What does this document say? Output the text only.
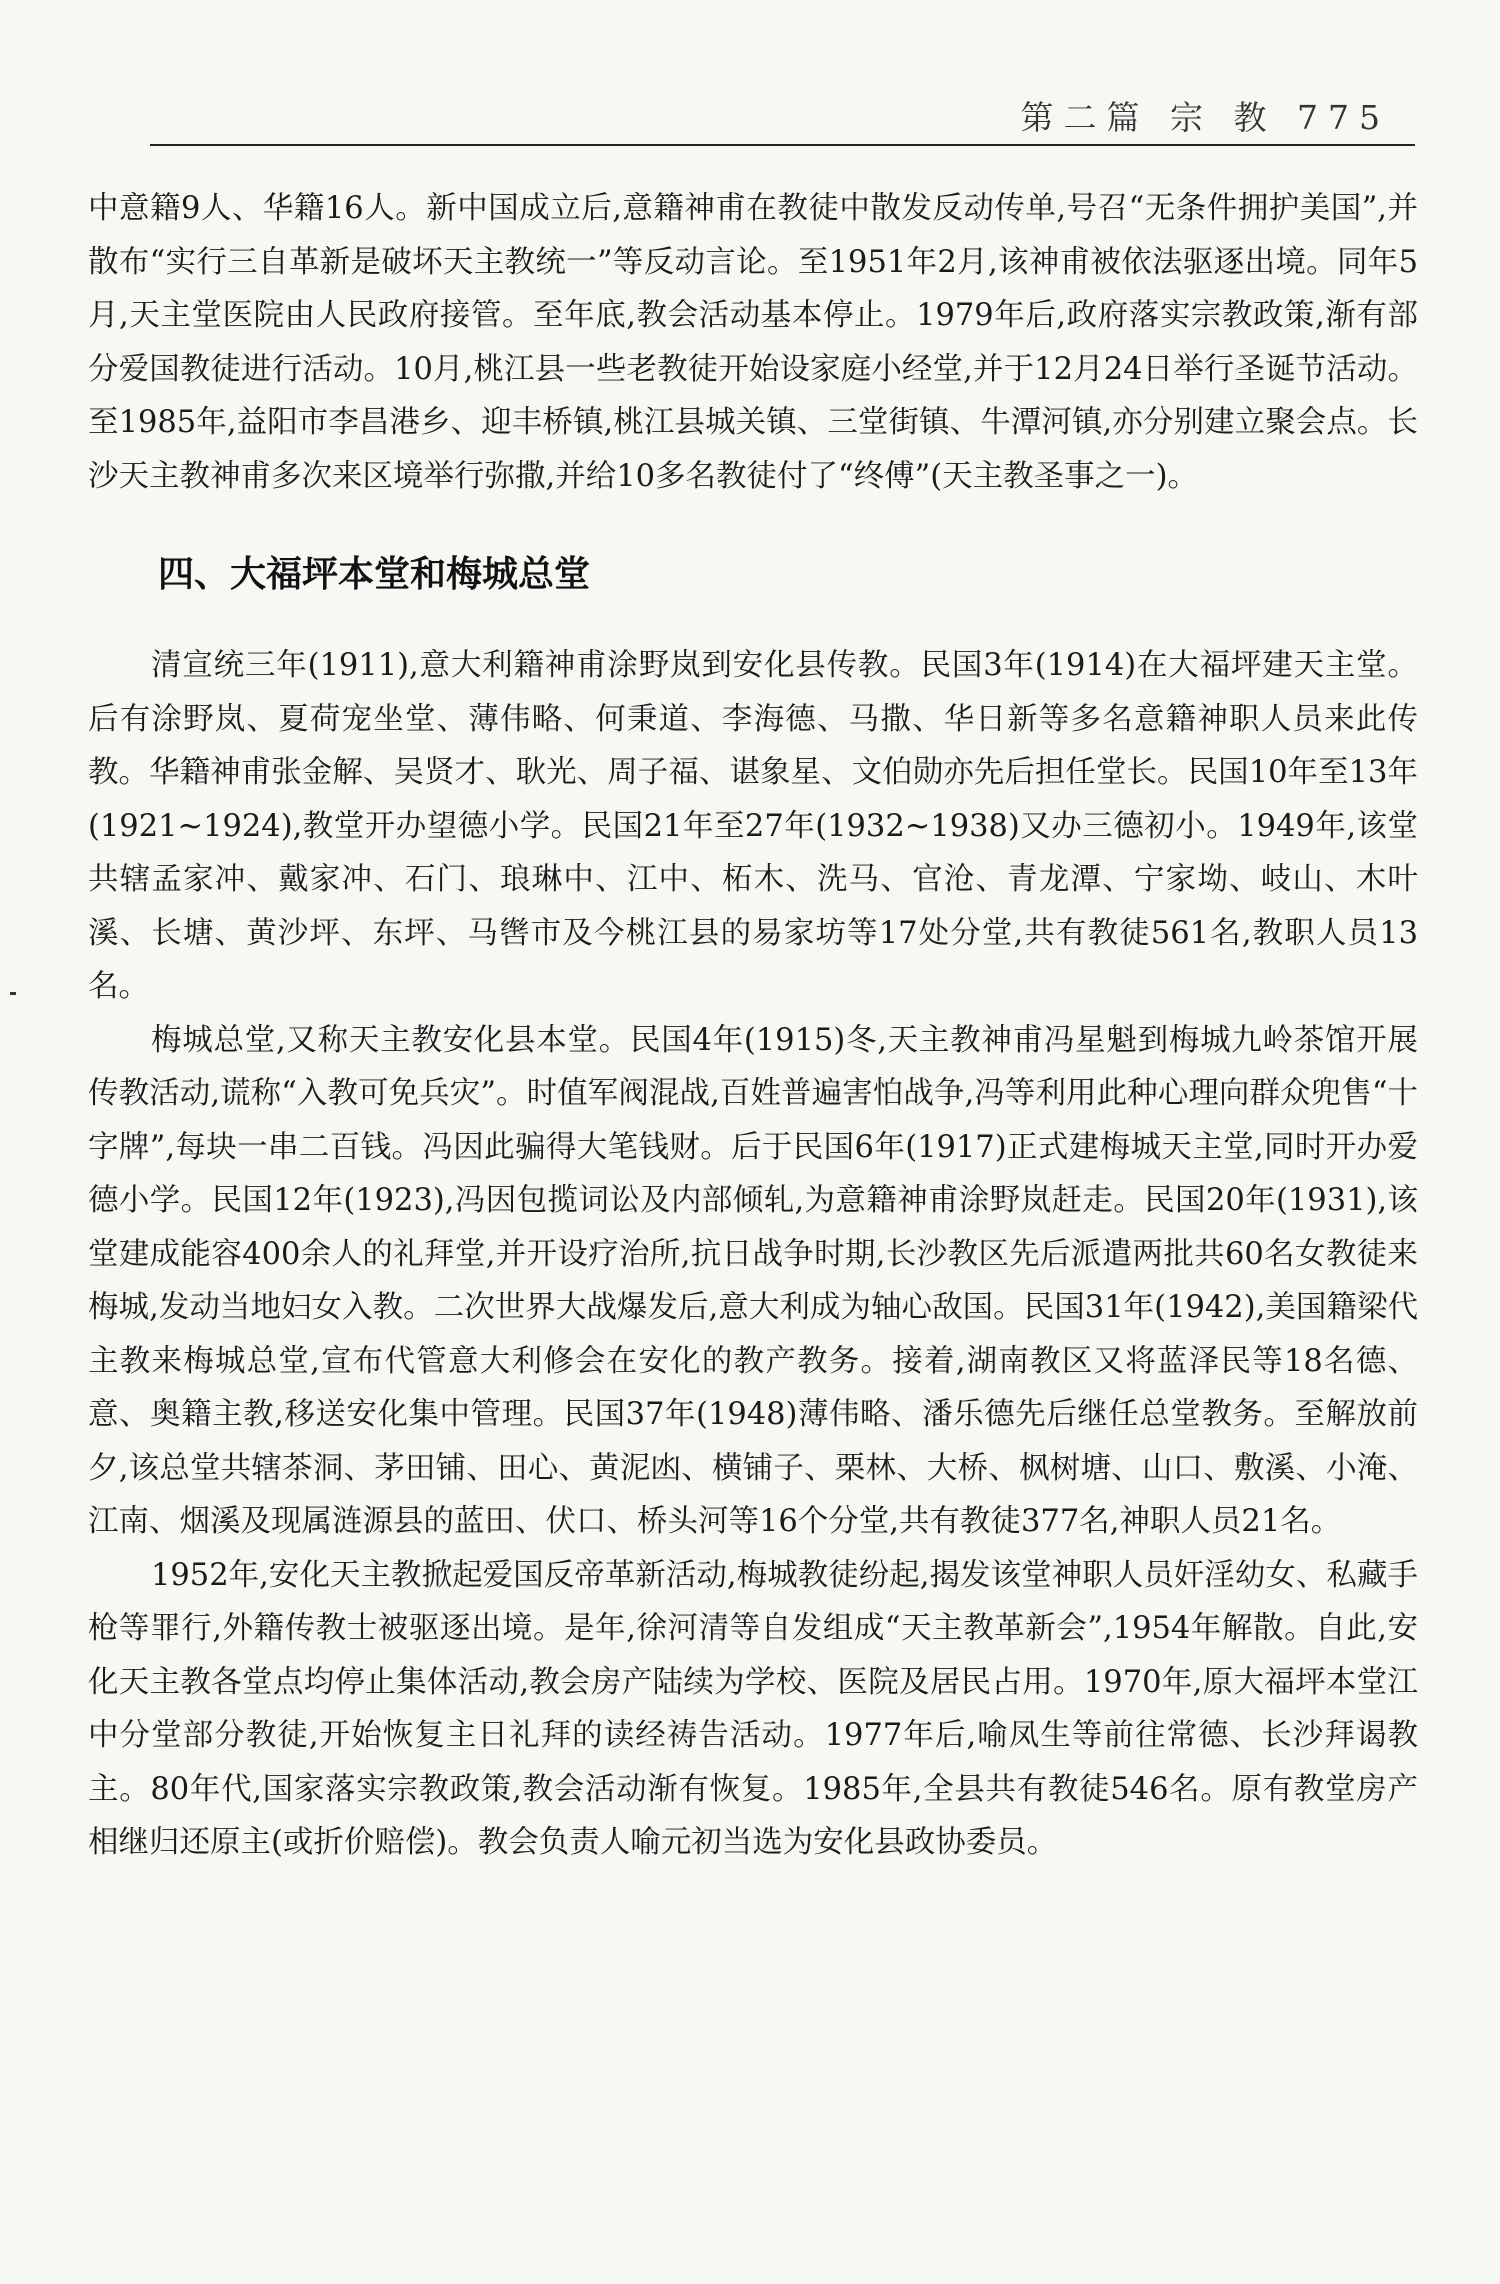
第二篇 宗 教 775

中意籍9人、华籍16人。新中国成立后,意籍神甫在教徒中散发反动传单,号召“无条件拥护美国”,并散布“实行三自革新是破坏天主教统一”等反动言论。至1951年2月,该神甫被依法驱逐出境。同年5月,天主堂医院由人民政府接管。至年底,教会活动基本停止。1979年后,政府落实宗教政策,渐有部分爱国教徒进行活动。10月,桃江县一些老教徒开始设家庭小经堂,并于12月24日举行圣诞节活动。至1985年,益阳市李昌港乡、迎丰桥镇,桃江县城关镇、三堂街镇、牛潭河镇,亦分别建立聚会点。长沙天主教神甫多次来区境举行弥撒,并给10多名教徒付了“终傅”(天主教圣事之一)。

四、大福坪本堂和梅城总堂

清宣统三年(1911),意大利籍神甫涂野岚到安化县传教。民国3年(1914)在大福坪建天主堂。后有涂野岚、夏荷宠坐堂、薄伟略、何秉道、李海德、马撒、华日新等多名意籍神职人员来此传教。华籍神甫张金解、吴贤才、耿光、周子福、谌象星、文伯勋亦先后担任堂长。民国10年至13年(1921~1924),教堂开办望德小学。民国21年至27年(1932~1938)又办三德初小。1949年,该堂共辖孟家冲、戴家冲、石门、琅琳中、江中、柘木、洗马、官沧、青龙潭、宁家坳、岐山、木叶溪、长塘、黄沙坪、东坪、马辔市及今桃江县的易家坊等17处分堂,共有教徒561名,教职人员13名。

梅城总堂,又称天主教安化县本堂。民国4年(1915)冬,天主教神甫冯星魁到梅城九岭茶馆开展传教活动,谎称“入教可免兵灾”。时值军阀混战,百姓普遍害怕战争,冯等利用此种心理向群众兜售“十字牌”,每块一串二百钱。冯因此骗得大笔钱财。后于民国6年(1917)正式建梅城天主堂,同时开办爱德小学。民国12年(1923),冯因包揽词讼及内部倾轧,为意籍神甫涂野岚赶走。民国20年(1931),该堂建成能容400余人的礼拜堂,并开设疗治所,抗日战争时期,长沙教区先后派遣两批共60名女教徒来梅城,发动当地妇女入教。二次世界大战爆发后,意大利成为轴心敌国。民国31年(1942),美国籍梁代主教来梅城总堂,宣布代管意大利修会在安化的教产教务。接着,湖南教区又将蓝泽民等18名德、意、奥籍主教,移送安化集中管理。民国37年(1948)薄伟略、潘乐德先后继任总堂教务。至解放前夕,该总堂共辖茶洞、茅田铺、田心、黄泥凼、横铺子、栗林、大桥、枫树塘、山口、敷溪、小淹、江南、烟溪及现属涟源县的蓝田、伏口、桥头河等16个分堂,共有教徒377名,神职人员21名。

1952年,安化天主教掀起爱国反帝革新活动,梅城教徒纷起,揭发该堂神职人员奸淫幼女、私藏手枪等罪行,外籍传教士被驱逐出境。是年,徐河清等自发组成“天主教革新会”,1954年解散。自此,安化天主教各堂点均停止集体活动,教会房产陆续为学校、医院及居民占用。1970年,原大福坪本堂江中分堂部分教徒,开始恢复主日礼拜的读经祷告活动。1977年后,喻凤生等前往常德、长沙拜谒教主。80年代,国家落实宗教政策,教会活动渐有恢复。1985年,全县共有教徒546名。原有教堂房产相继归还原主(或折价赔偿)。教会负责人喻元初当选为安化县政协委员。
